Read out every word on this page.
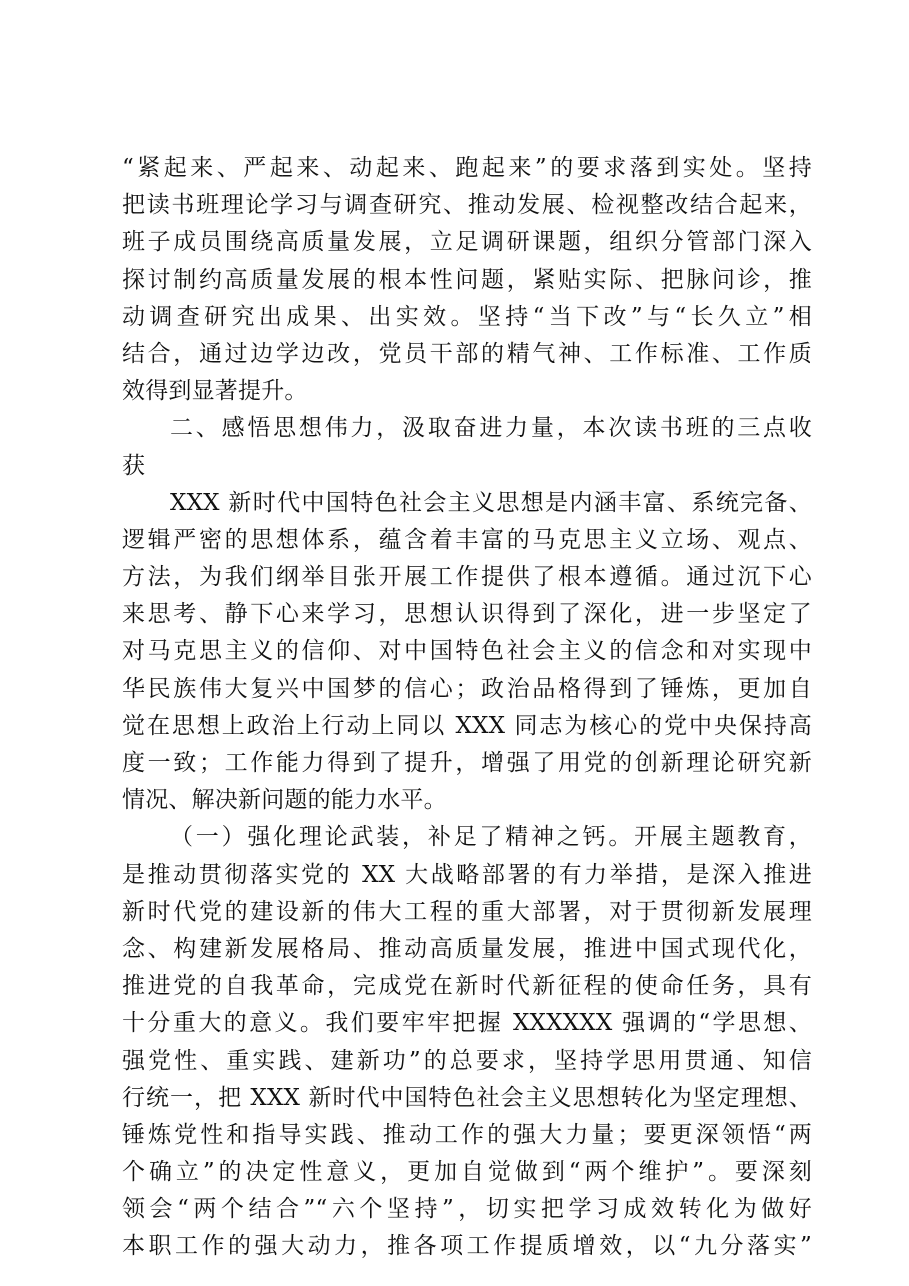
“紧起来、严起来、动起来、跑起来”的要求落到实处。坚持
把读书班理论学习与调查研究、推动发展、检视整改结合起来，
班子成员围绕高质量发展，立足调研课题，组织分管部门深入
探讨制约高质量发展的根本性问题，紧贴实际、把脉问诊，推
动调查研究出成果、出实效。坚持“当下改”与“长久立”相
结合，通过边学边改，党员干部的精气神、工作标准、工作质
效得到显著提升。
二、感悟思想伟力，汲取奋进力量，本次读书班的三点收
获
XXX 新时代中国特色社会主义思想是内涵丰富、系统完备、
逻辑严密的思想体系，蕴含着丰富的马克思主义立场、观点、
方法，为我们纲举目张开展工作提供了根本遵循。通过沉下心
来思考、静下心来学习，思想认识得到了深化，进一步坚定了
对马克思主义的信仰、对中国特色社会主义的信念和对实现中
华民族伟大复兴中国梦的信心；政治品格得到了锤炼，更加自
觉在思想上政治上行动上同以 XXX 同志为核心的党中央保持高
度一致；工作能力得到了提升，增强了用党的创新理论研究新
情况、解决新问题的能力水平。
（一）强化理论武装，补足了精神之钙。开展主题教育，
是推动贯彻落实党的 XX 大战略部署的有力举措，是深入推进
新时代党的建设新的伟大工程的重大部署，对于贯彻新发展理
念、构建新发展格局、推动高质量发展，推进中国式现代化，
推进党的自我革命，完成党在新时代新征程的使命任务，具有
十分重大的意义。我们要牢牢把握 XXXXXX 强调的“学思想、
强党性、重实践、建新功”的总要求，坚持学思用贯通、知信
行统一，把 XXX 新时代中国特色社会主义思想转化为坚定理想、
锤炼党性和指导实践、推动工作的强大力量；要更深领悟“两
个确立”的决定性意义，更加自觉做到“两个维护”。要深刻
领会“两个结合”“六个坚持”，切实把学习成效转化为做好
本职工作的强大动力，推各项工作提质增效，以“九分落实”
